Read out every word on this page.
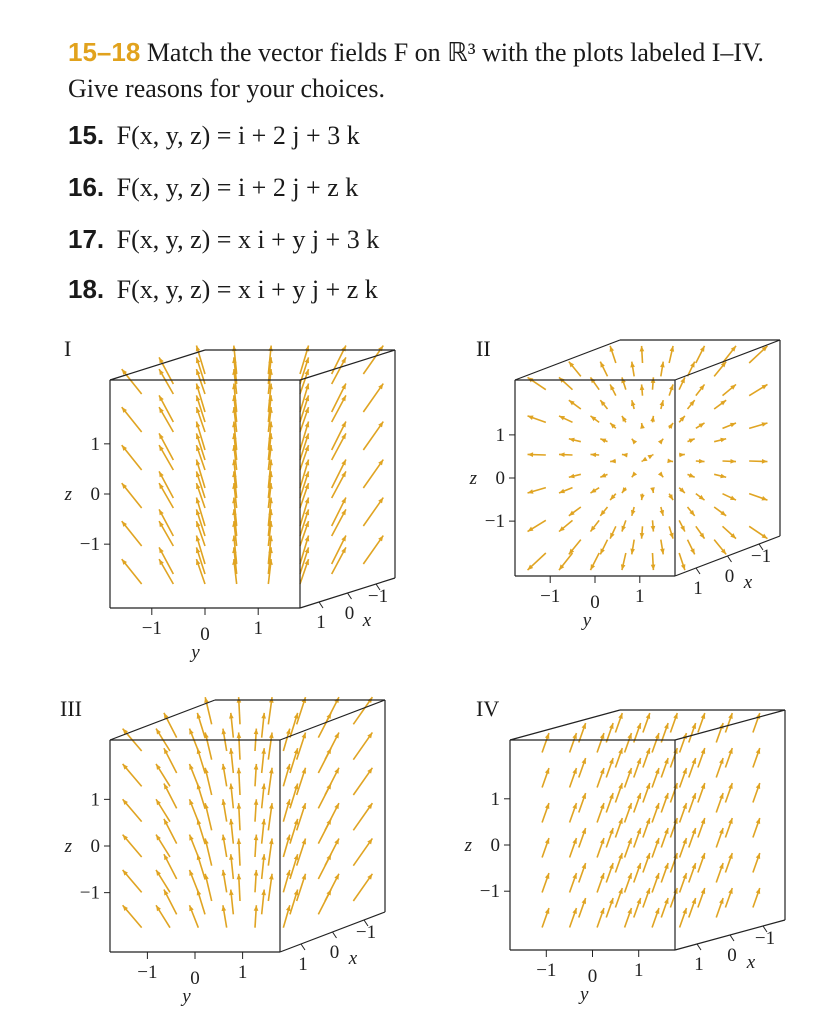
15–18 Match the vector fields F on ℝ³ with the plots labeled I–IV. Give reasons for your choices.
15. F(x, y, z) = i + 2 j + 3 k
16. F(x, y, z) = i + 2 j + z k
17. F(x, y, z) = x i + y j + 3 k
18. F(x, y, z) = x i + y j + z k
I	II
III	IV
1
0
−1
z
−1 0 1
y
1 0
−1
x
1
0
−1
z
−1 0 1
y
1
0
−1
x
1
0
−1
z
−1 0 1
y
1
0
−1
x
1
0
−1
z
−1 0 1
y
1 0
−1
x
